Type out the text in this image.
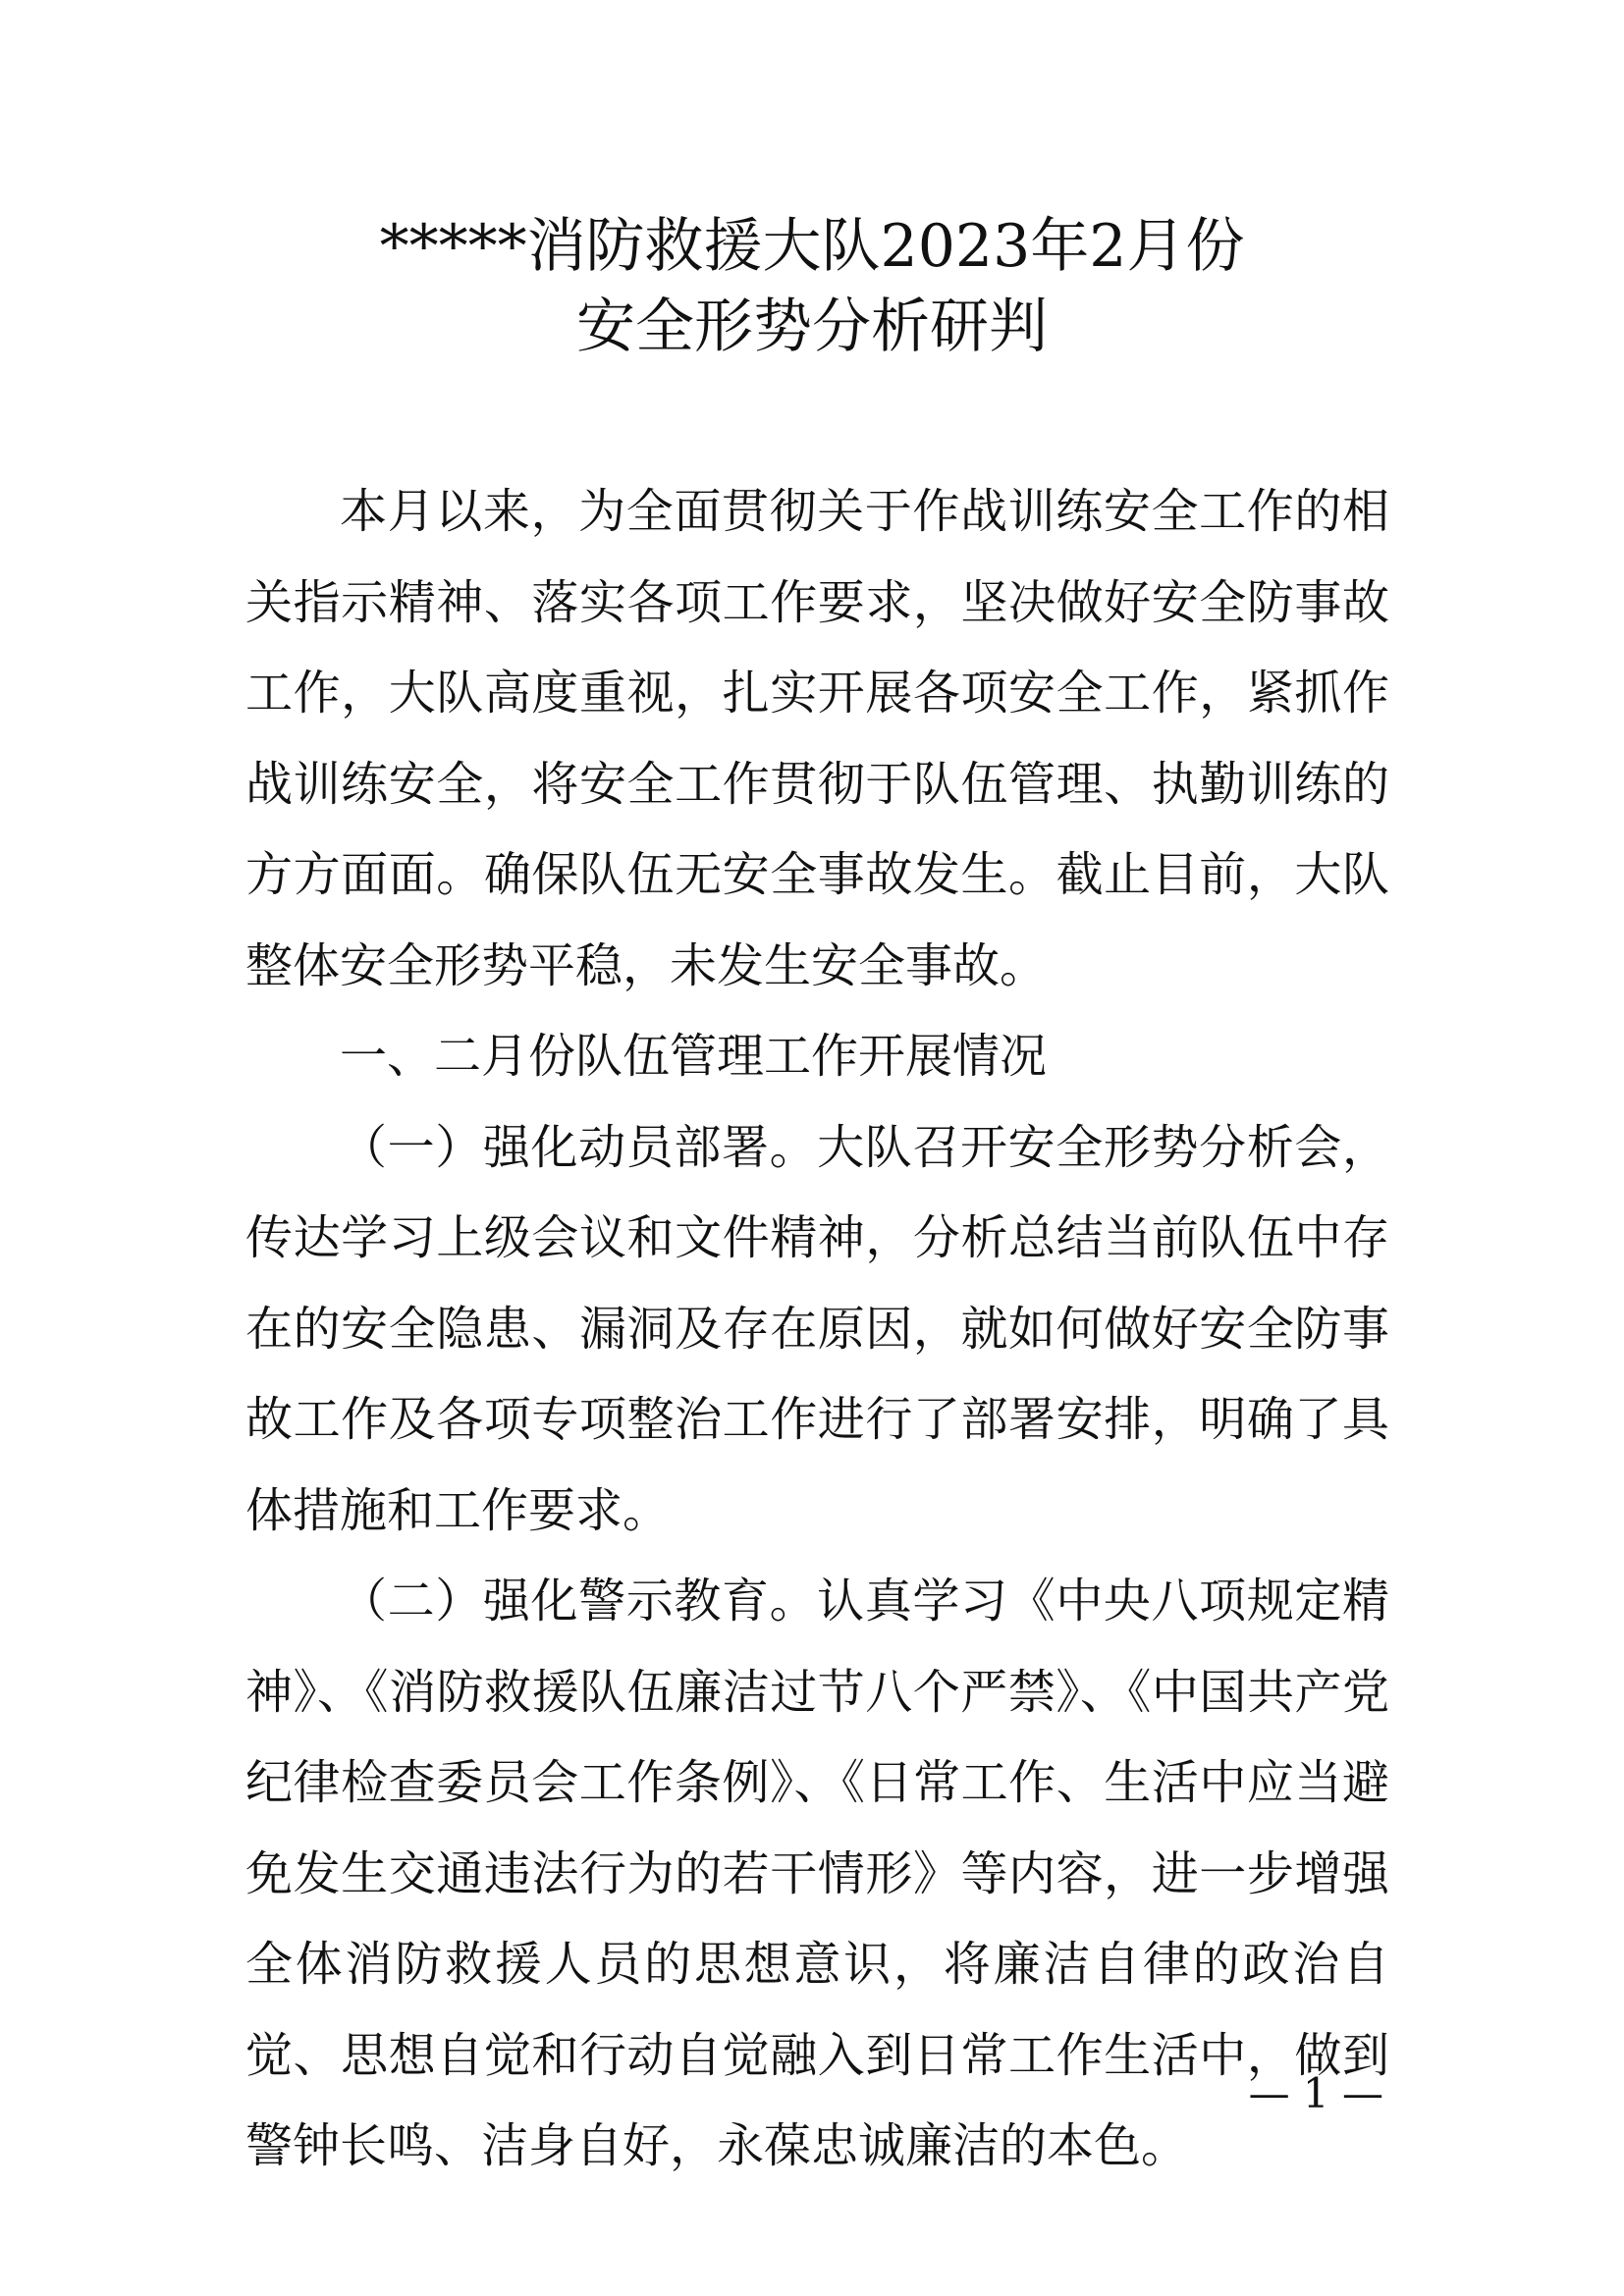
*****消防救援大队2023年2月份
安全形势分析研判

本月以来，为全面贯彻关于作战训练安全工作的相关指示精神、落实各项工作要求，坚决做好安全防事故工作，大队高度重视，扎实开展各项安全工作，紧抓作战训练安全，将安全工作贯彻于队伍管理、执勤训练的方方面面。确保队伍无安全事故发生。截止目前，大队整体安全形势平稳，未发生安全事故。

一、二月份队伍管理工作开展情况

（一）强化动员部署。大队召开安全形势分析会，传达学习上级会议和文件精神，分析总结当前队伍中存在的安全隐患、漏洞及存在原因，就如何做好安全防事故工作及各项专项整治工作进行了部署安排，明确了具体措施和工作要求。

（二）强化警示教育。认真学习《中央八项规定精神》、《消防救援队伍廉洁过节八个严禁》、《中国共产党纪律检查委员会工作条例》、《日常工作、生活中应当避免发生交通违法行为的若干情形》等内容，进一步增强全体消防救援人员的思想意识，将廉洁自律的政治自觉、思想自觉和行动自觉融入到日常工作生活中，做到警钟长鸣、洁身自好，永葆忠诚廉洁的本色。

— 1 —
